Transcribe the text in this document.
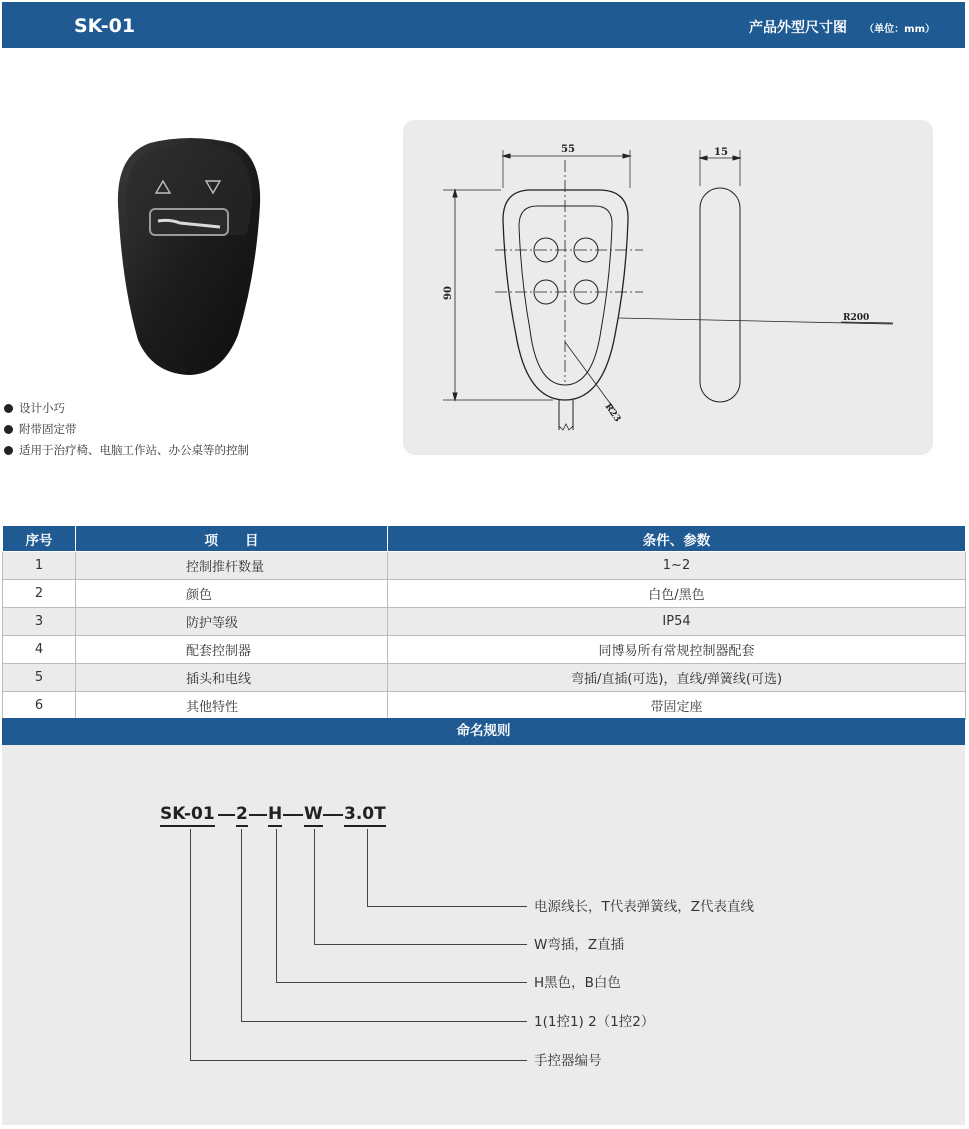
SK-01	产品外型尺寸图 （单位：mm）
设计小巧
附带固定带
适用于治疗椅、电脑工作站、办公桌等的控制
55	15
90
R200
R23
序号	项　　目	条件、参数
1	控制推杆数量	1~2
2	颜色	白色/黑色
3	防护等级	IP54
4	配套控制器	同博易所有常规控制器配套
5	插头和电线	弯插/直插(可选)，直线/弹簧线(可选)
6	其他特性	带固定座
命名规则
SK-01 2 H W 3.0T
电源线长，T代表弹簧线，Z代表直线
W弯插，Z直插
H黑色，B白色
1(1控1) 2（1控2）
手控器编号
